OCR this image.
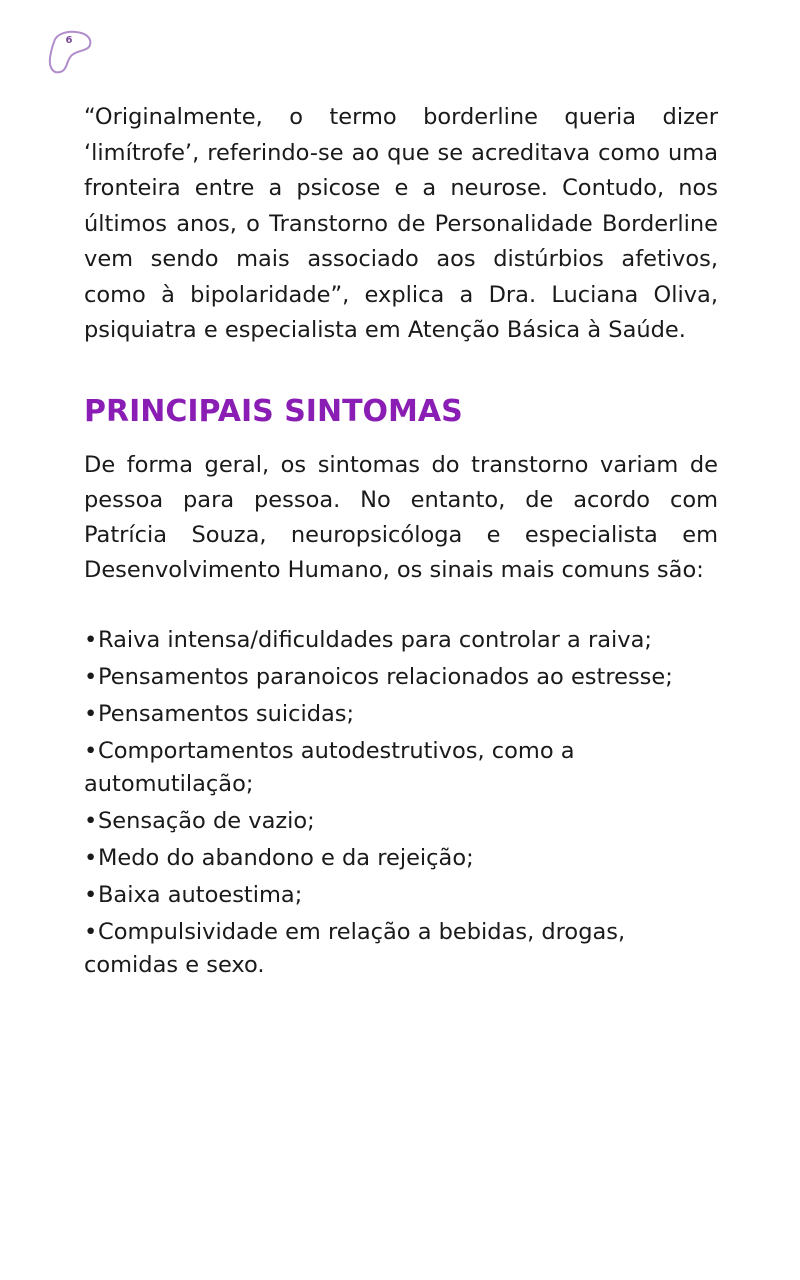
6

“Originalmente, o termo borderline queria dizer ‘limítrofe’, referindo-se ao que se acreditava como uma fronteira entre a psicose e a neurose. Contudo, nos últimos anos, o Transtorno de Personalidade Borderline vem sendo mais associado aos distúrbios afetivos, como à bipolaridade”, explica a Dra. Luciana Oliva, psiquiatra e especialista em Atenção Básica à Saúde.

PRINCIPAIS SINTOMAS

De forma geral, os sintomas do transtorno variam de pessoa para pessoa. No entanto, de acordo com Patrícia Souza, neuropsicóloga e especialista em Desenvolvimento Humano, os sinais mais comuns são:

•Raiva intensa/dificuldades para controlar a raiva;
•Pensamentos paranoicos relacionados ao estresse;
•Pensamentos suicidas;
•Comportamentos autodestrutivos, como a automutilação;
•Sensação de vazio;
•Medo do abandono e da rejeição;
•Baixa autoestima;
•Compulsividade em relação a bebidas, drogas, comidas e sexo.
